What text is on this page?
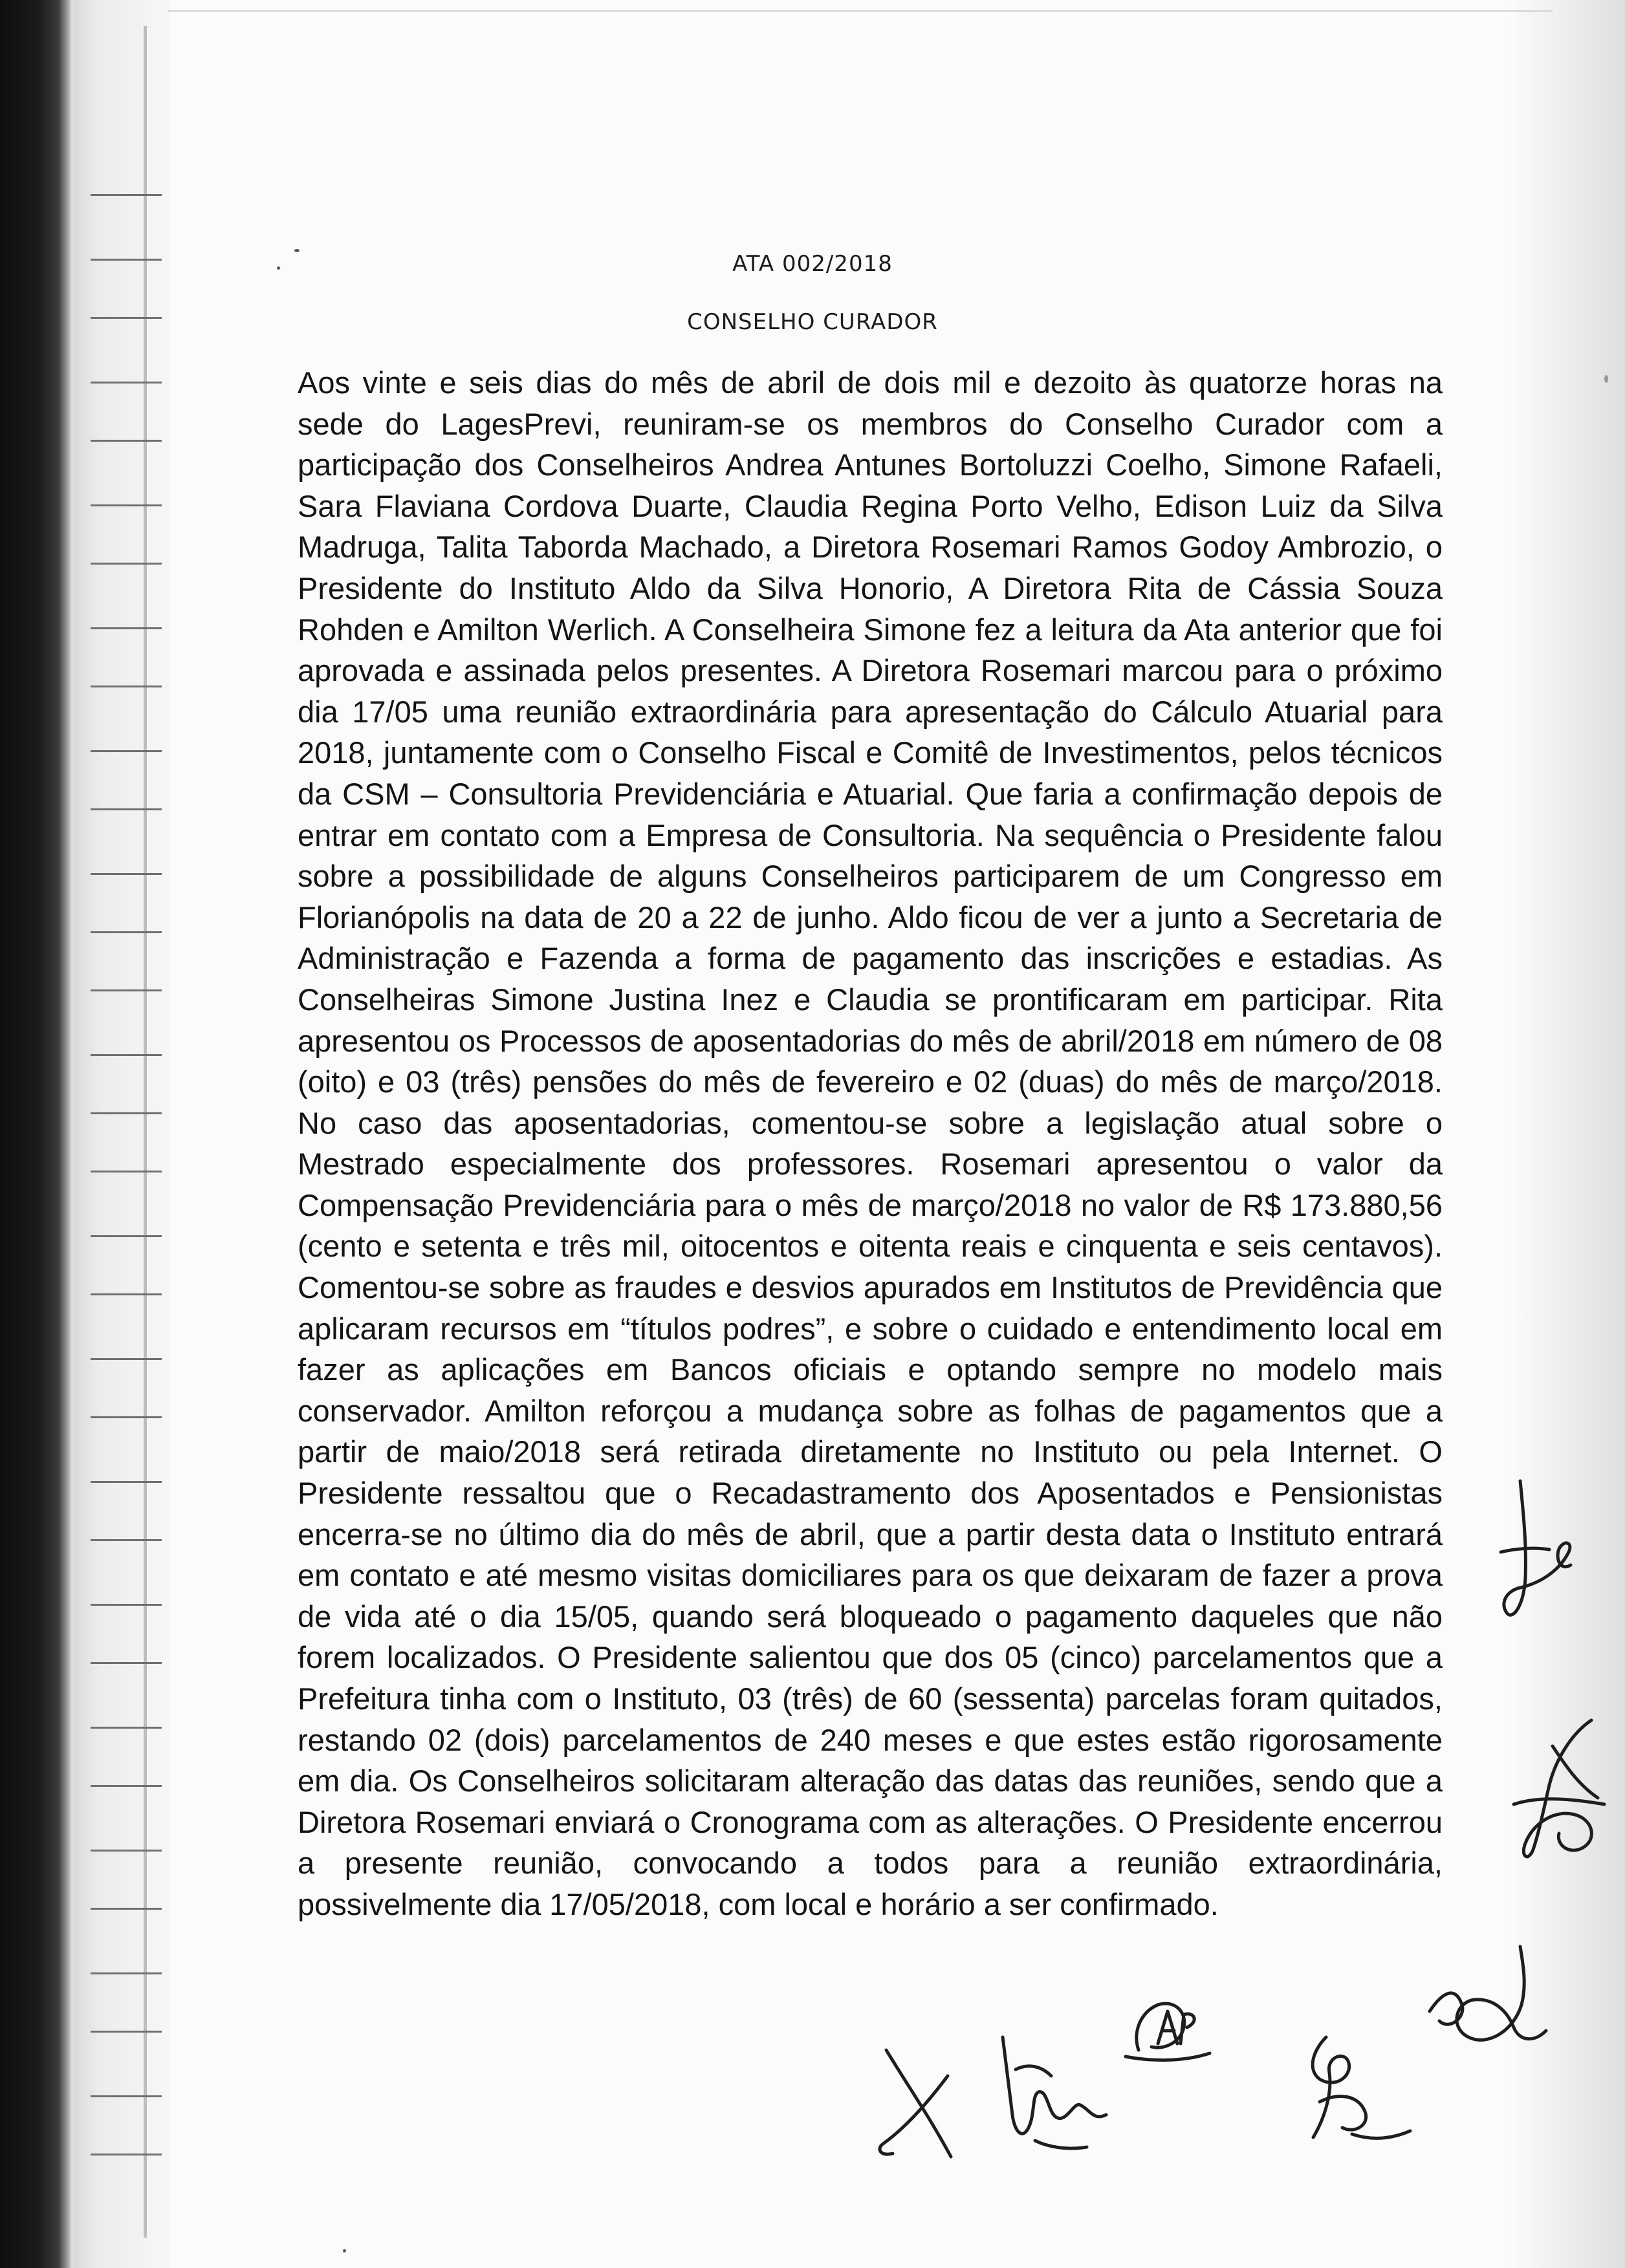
ATA 002/2018
CONSELHO CURADOR

Aos vinte e seis dias do mês de abril de dois mil e dezoito às quatorze horas na sede do LagesPrevi, reuniram-se os membros do Conselho Curador com a participação dos Conselheiros Andrea Antunes Bortoluzzi Coelho, Simone Rafaeli, Sara Flaviana Cordova Duarte, Claudia Regina Porto Velho, Edison Luiz da Silva Madruga, Talita Taborda Machado, a Diretora Rosemari Ramos Godoy Ambrozio, o Presidente do Instituto Aldo da Silva Honorio, A Diretora Rita de Cássia Souza Rohden e Amilton Werlich. A Conselheira Simone fez a leitura da Ata anterior que foi aprovada e assinada pelos presentes. A Diretora Rosemari marcou para o próximo dia 17/05 uma reunião extraordinária para apresentação do Cálculo Atuarial para 2018, juntamente com o Conselho Fiscal e Comitê de Investimentos, pelos técnicos da CSM – Consultoria Previdenciária e Atuarial. Que faria a confirmação depois de entrar em contato com a Empresa de Consultoria. Na sequência o Presidente falou sobre a possibilidade de alguns Conselheiros participarem de um Congresso em Florianópolis na data de 20 a 22 de junho. Aldo ficou de ver a junto a Secretaria de Administração e Fazenda a forma de pagamento das inscrições e estadias. As Conselheiras Simone Justina Inez e Claudia se prontificaram em participar. Rita apresentou os Processos de aposentadorias do mês de abril/2018 em número de 08 (oito) e 03 (três) pensões do mês de fevereiro e 02 (duas) do mês de março/2018. No caso das aposentadorias, comentou-se sobre a legislação atual sobre o Mestrado especialmente dos professores. Rosemari apresentou o valor da Compensação Previdenciária para o mês de março/2018 no valor de R$ 173.880,56 (cento e setenta e três mil, oitocentos e oitenta reais e cinquenta e seis centavos). Comentou-se sobre as fraudes e desvios apurados em Institutos de Previdência que aplicaram recursos em “títulos podres”, e sobre o cuidado e entendimento local em fazer as aplicações em Bancos oficiais e optando sempre no modelo mais conservador. Amilton reforçou a mudança sobre as folhas de pagamentos que a partir de maio/2018 será retirada diretamente no Instituto ou pela Internet. O Presidente ressaltou que o Recadastramento dos Aposentados e Pensionistas encerra-se no último dia do mês de abril, que a partir desta data o Instituto entrará em contato e até mesmo visitas domiciliares para os que deixaram de fazer a prova de vida até o dia 15/05, quando será bloqueado o pagamento daqueles que não forem localizados. O Presidente salientou que dos 05 (cinco) parcelamentos que a Prefeitura tinha com o Instituto, 03 (três) de 60 (sessenta) parcelas foram quitados, restando 02 (dois) parcelamentos de 240 meses e que estes estão rigorosamente em dia. Os Conselheiros solicitaram alteração das datas das reuniões, sendo que a Diretora Rosemari enviará o Cronograma com as alterações. O Presidente encerrou a presente reunião, convocando a todos para a reunião extraordinária, possivelmente dia 17/05/2018, com local e horário a ser confirmado.
